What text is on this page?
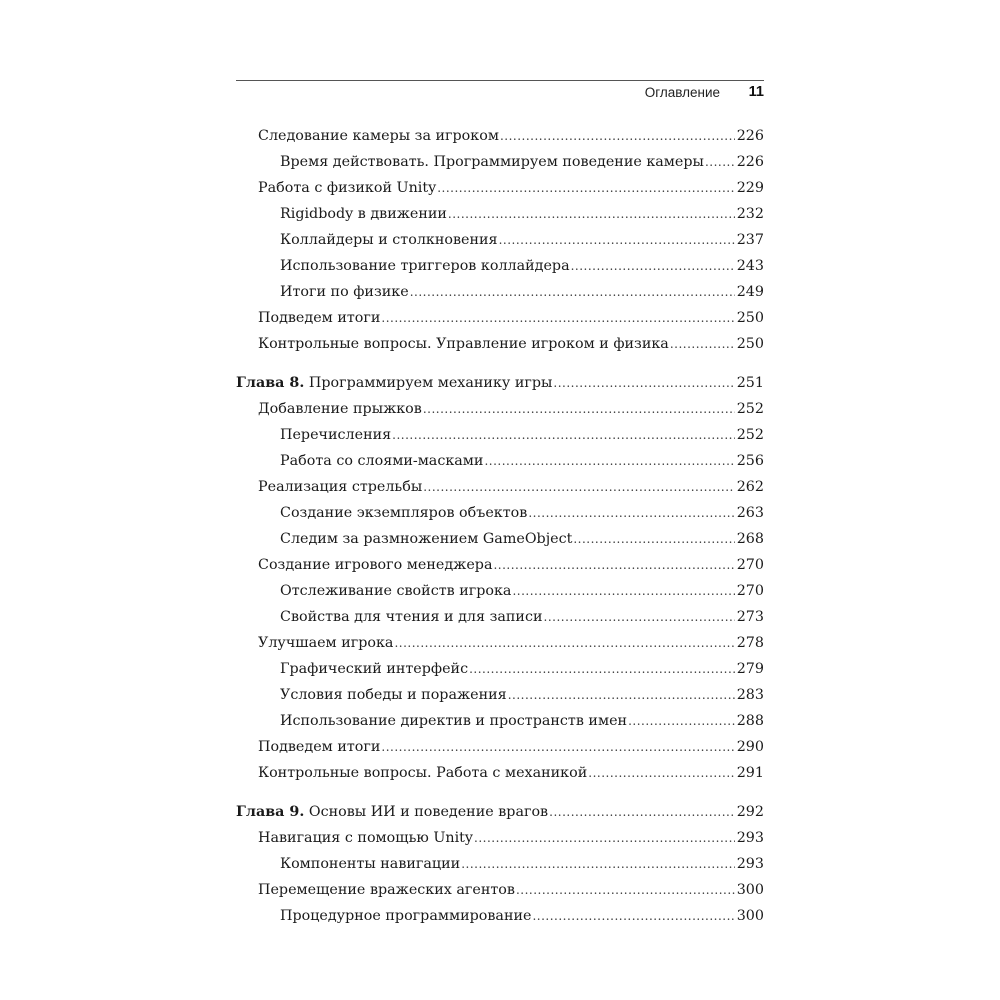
Оглавление 11
Следование камеры за игроком .....	226
Время действовать. Программируем поведение камеры ..... 226
Работа с физикой Unity .....	229
Rigidbody в движении .....	232
Коллайдеры и столкновения .....	237
Использование триггеров коллайдера .....	243
Итоги по физике .....	249
Подведем итоги .....	250
Контрольные вопросы. Управление игроком и физика .....	250
Глава 8. Программируем механику игры .....	251
Добавление прыжков .....	252
Перечисления .....	252
Работа со слоями-масками .....	256
Реализация стрельбы .....	262
Создание экземпляров объектов .....	263
Следим за размножением GameObject .....	268
Создание игрового менеджера .....	270
Отслеживание свойств игрока .....	270
Свойства для чтения и для записи .....	273
Улучшаем игрока .....	278
Графический интерфейс .....	279
Условия победы и поражения .....	283
Использование директив и пространств имен .....	288
Подведем итоги .....	290
Контрольные вопросы. Работа с механикой .....	291
Глава 9. Основы ИИ и поведение врагов .....	292
Навигация с помощью Unity .....	293
Компоненты навигации .....	293
Перемещение вражеских агентов .....	300
Процедурное программирование .....	300
